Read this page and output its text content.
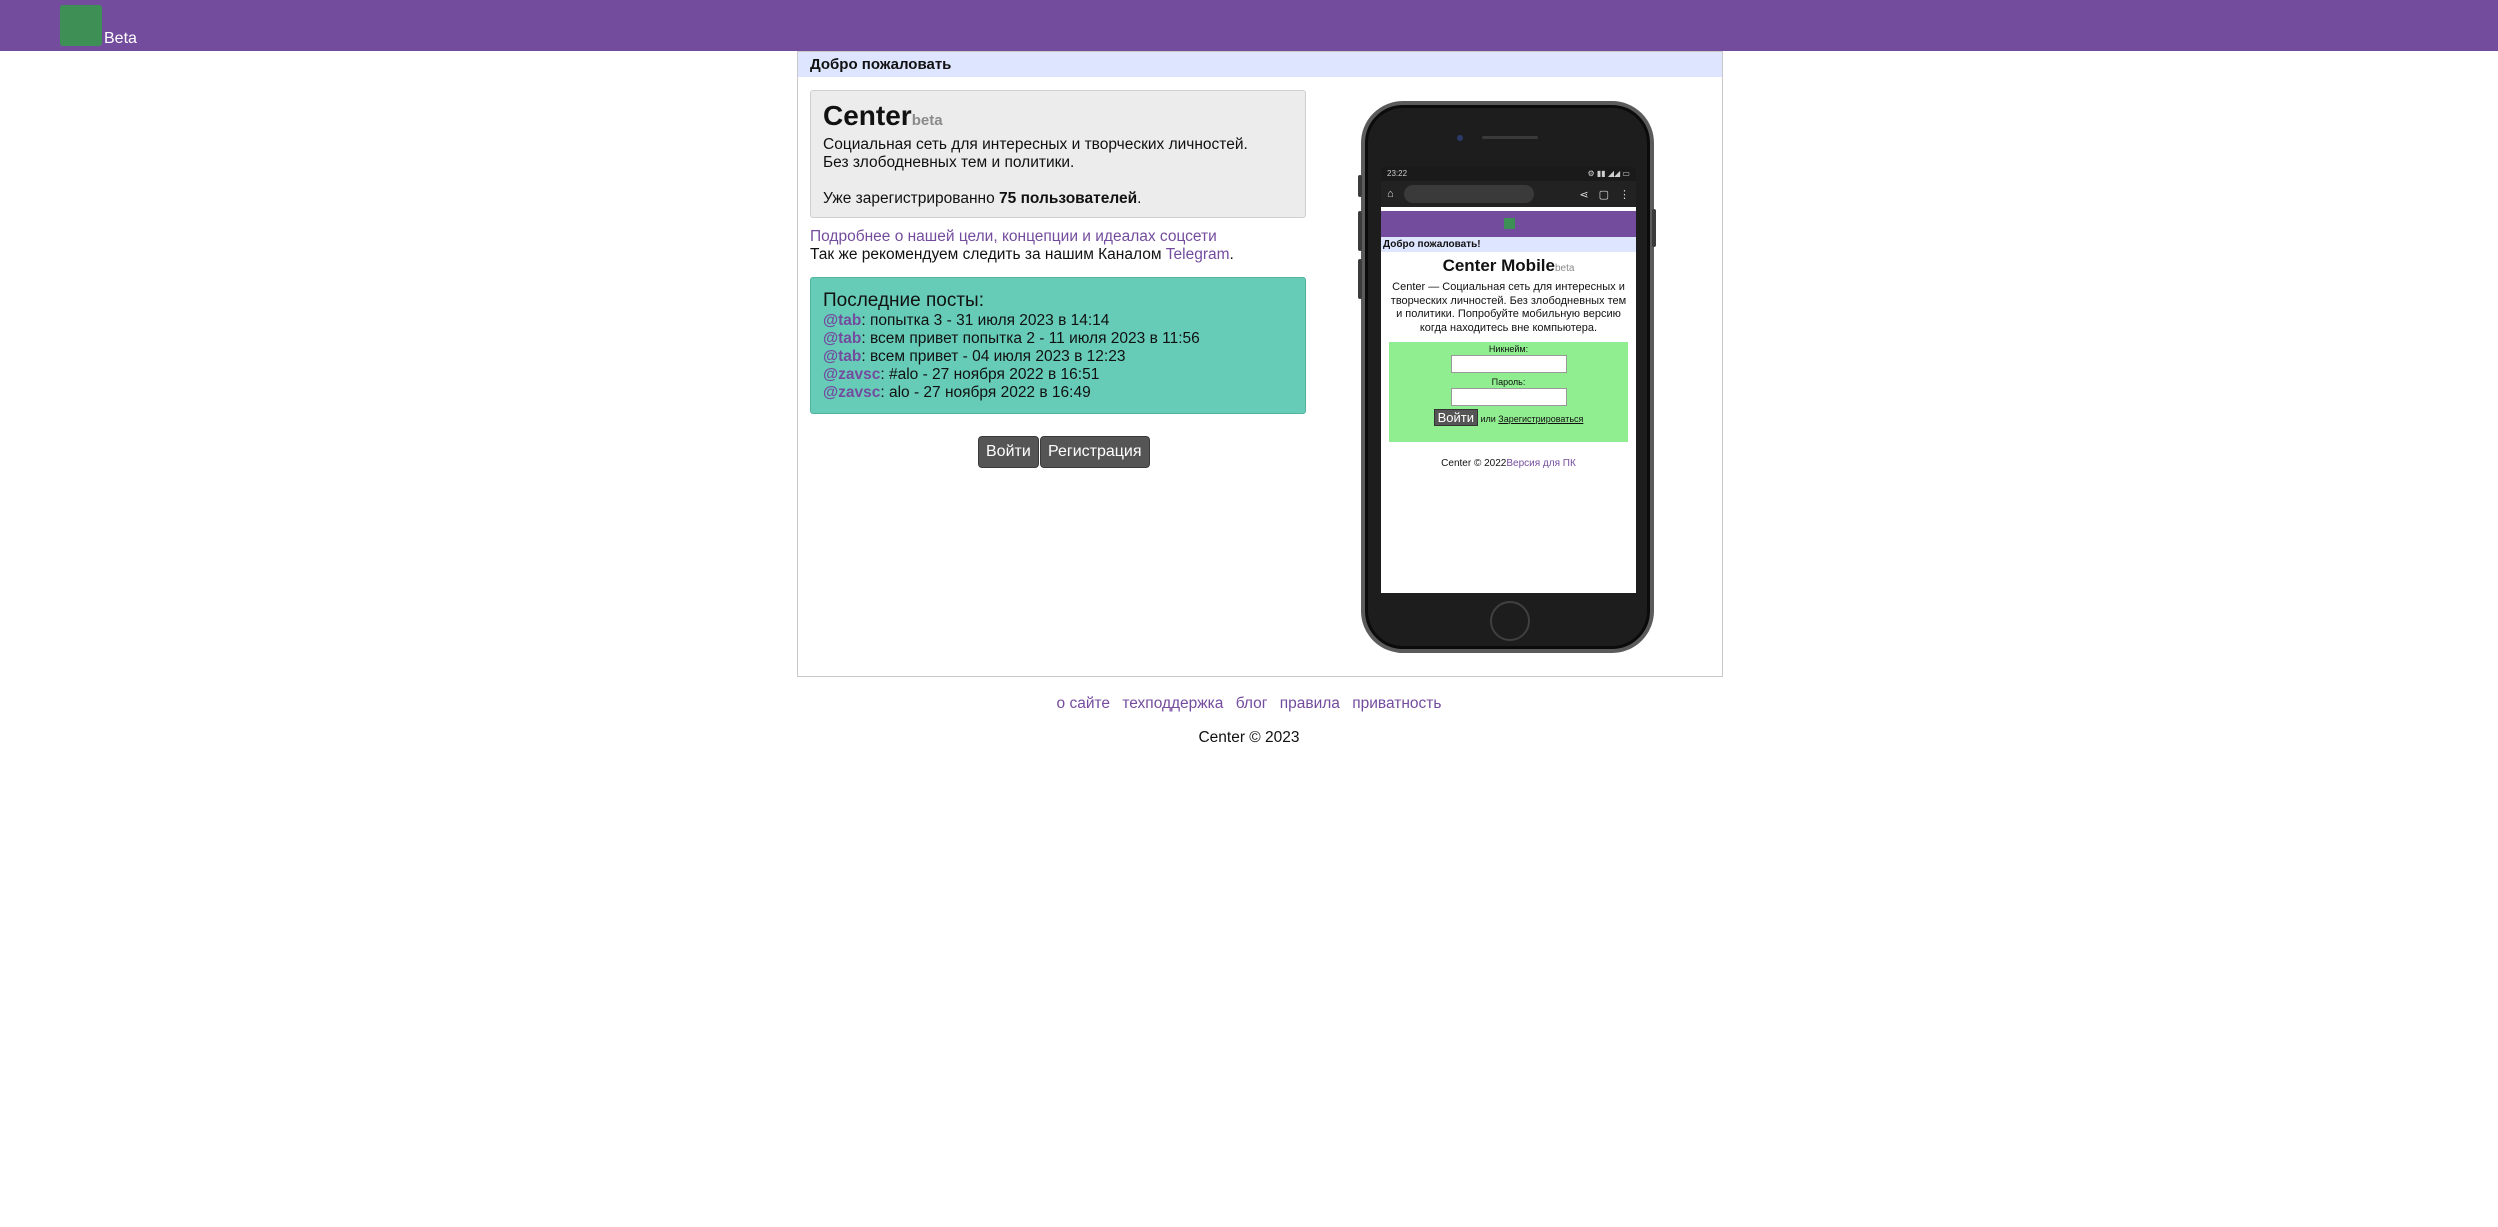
Beta
Добро пожаловать
Centerbeta
Социальная сеть для интересных и творческих личностей.
Без злободневных тем и политики.
Уже зарегистрированно 75 пользователей.
Подробнее о нашей цели, концепции и идеалах соцсети
Так же рекомендуем следить за нашим Каналом Telegram.
Последние посты:
@tab: попытка 3 - 31 июля 2023 в 14:14
@tab: всем привет попытка 2 - 11 июля 2023 в 11:56
@tab: всем привет - 04 июля 2023 в 12:23
@zavsc: #alo - 27 ноября 2022 в 16:51
@zavsc: alo - 27 ноября 2022 в 16:49
Войти	Регистрация
23:22	⚙ ▮▮ ◢◢ ▭
⌂	⋖ ▢ ⋮
Добро пожаловать!
Center Mobilebeta
Center — Социальная сеть для интересных и творческих личностей. Без злободневных тем и политики. Попробуйте мобильную версию когда находитесь вне компьютера.
Никнейм:
Пароль:
Войти или Зарегистрироваться
Center © 2022Версия для ПК
о сайте техподдержка блог правила приватность
Center © 2023
